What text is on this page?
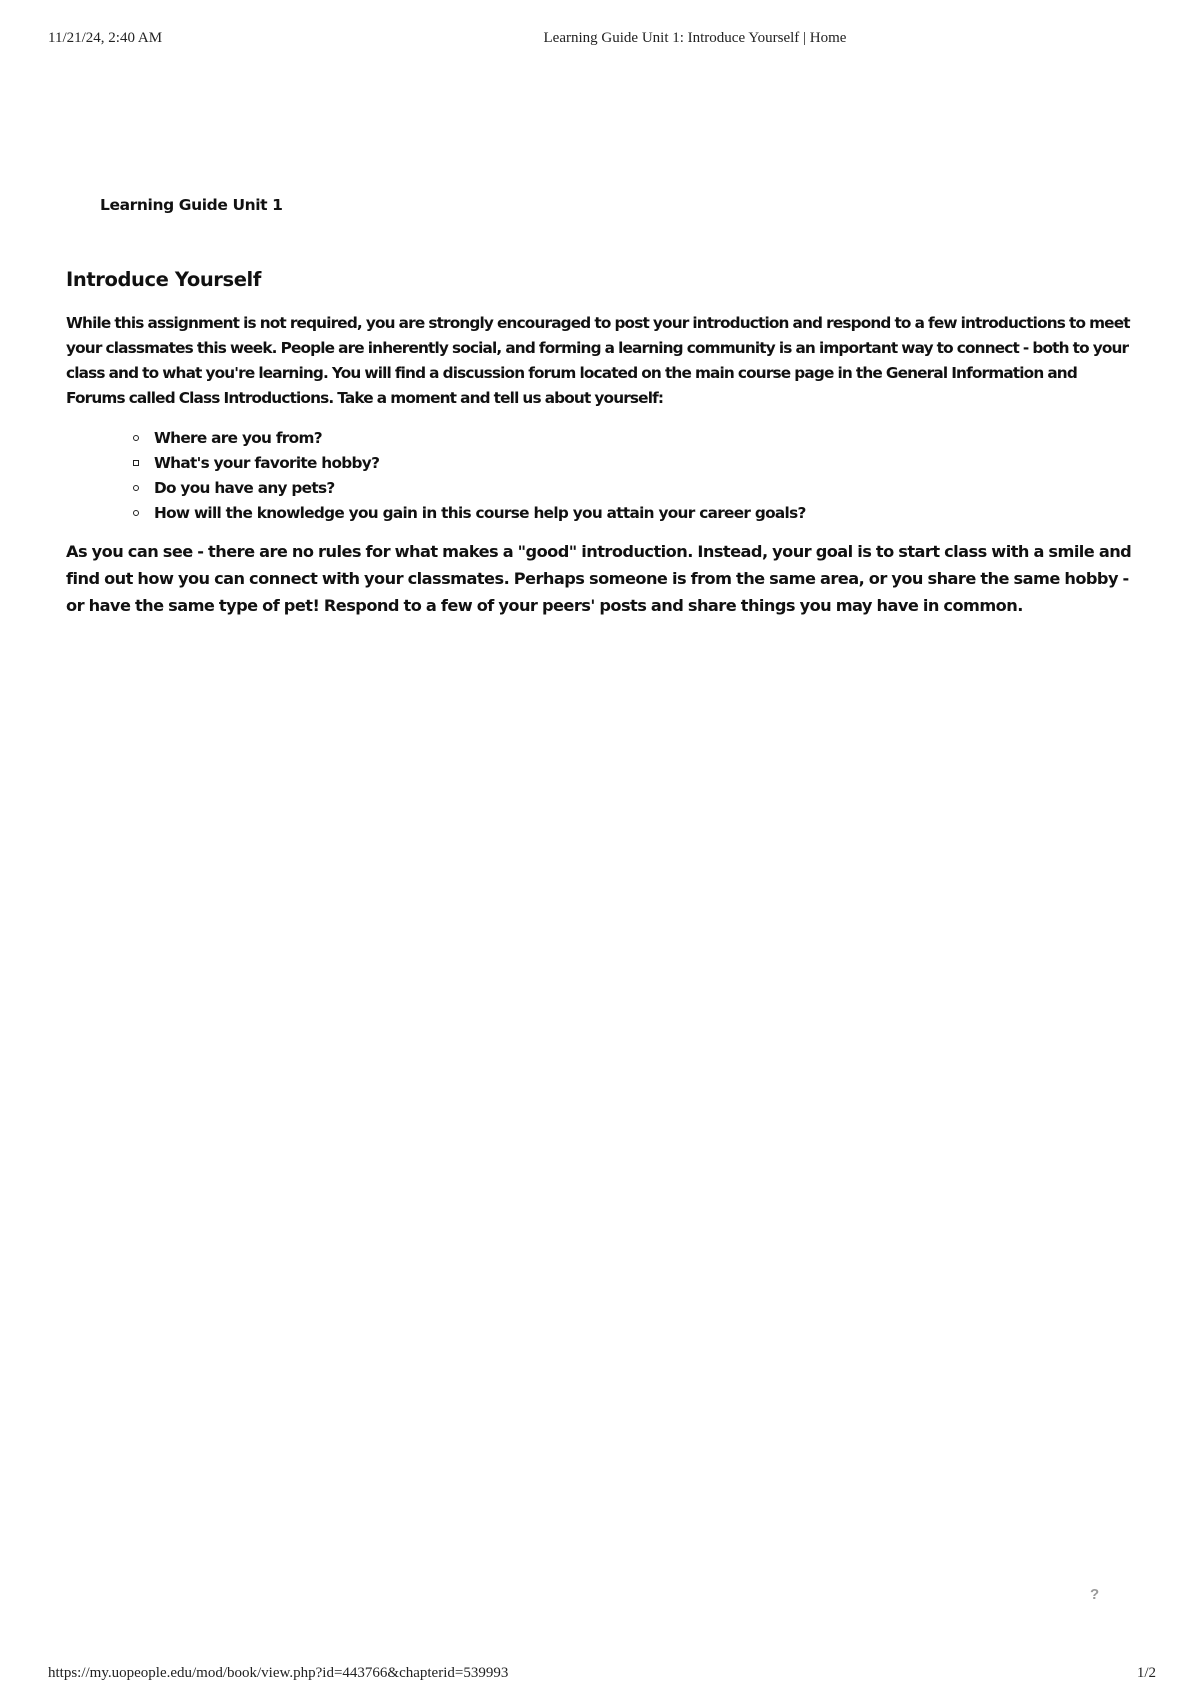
11/21/24, 2:40 AM	Learning Guide Unit 1: Introduce Yourself | Home
Learning Guide Unit 1
Introduce Yourself

While this assignment is not required, you are strongly encouraged to post your introduction and respond to a few introductions to meet your classmates this week. People are inherently social, and forming a learning community is an important way to connect - both to your class and to what you're learning. You will find a discussion forum located on the main course page in the General Information and Forums called Class Introductions. Take a moment and tell us about yourself:

Where are you from?
What's your favorite hobby?
Do you have any pets?
How will the knowledge you gain in this course help you attain your career goals?

As you can see - there are no rules for what makes a "good" introduction. Instead, your goal is to start class with a smile and find out how you can connect with your classmates. Perhaps someone is from the same area, or you share the same hobby - or have the same type of pet! Respond to a few of your peers' posts and share things you may have in common.

?
https://my.uopeople.edu/mod/book/view.php?id=443766&chapterid=539993	1/2
